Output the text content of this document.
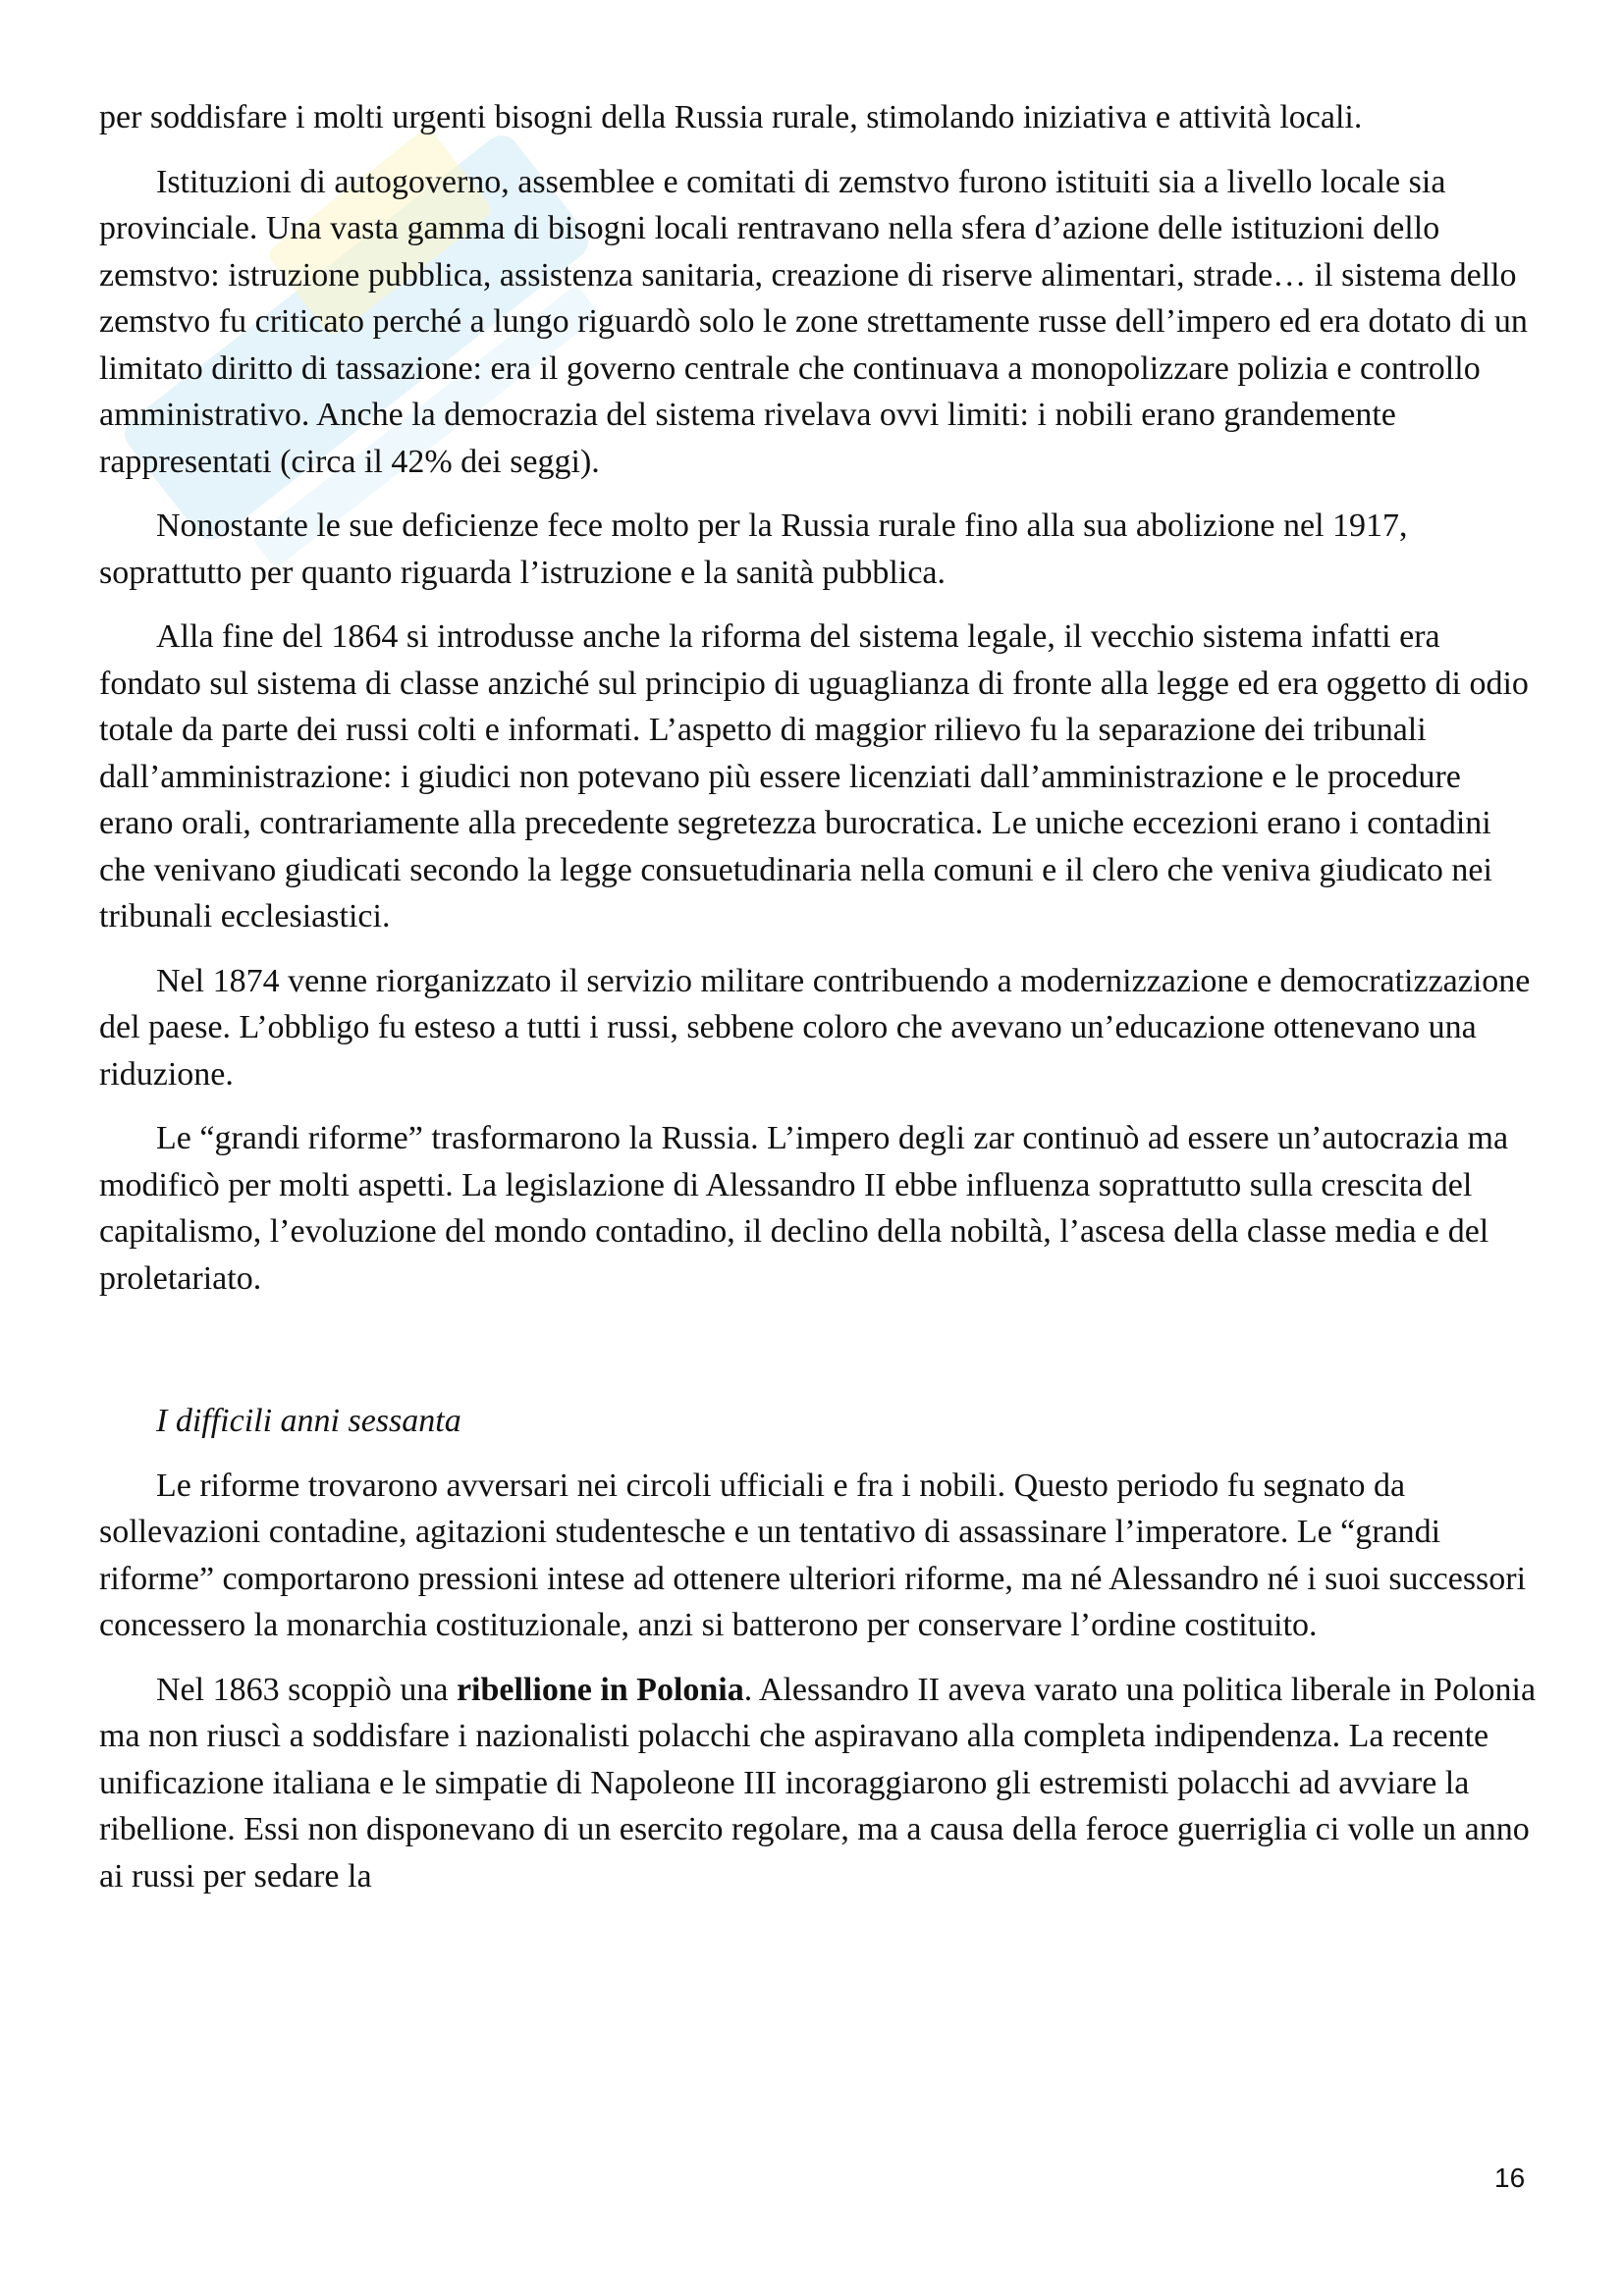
per soddisfare i molti urgenti bisogni della Russia rurale, stimolando iniziativa e attività locali.

Istituzioni di autogoverno, assemblee e comitati di zemstvo furono istituiti sia a livello locale sia provinciale. Una vasta gamma di bisogni locali rentravano nella sfera d’azione delle istituzioni dello zemstvo: istruzione pubblica, assistenza sanitaria, creazione di riserve alimentari, strade… il sistema dello zemstvo fu criticato perché a lungo riguardò solo le zone strettamente russe dell’impero ed era dotato di un limitato diritto di tassazione: era il governo centrale che continuava a monopolizzare polizia e controllo amministrativo. Anche la democrazia del sistema rivelava ovvi limiti: i nobili erano grandemente rappresentati (circa il 42% dei seggi).

Nonostante le sue deficienze fece molto per la Russia rurale fino alla sua abolizione nel 1917, soprattutto per quanto riguarda l’istruzione e la sanità pubblica.

Alla fine del 1864 si introdusse anche la riforma del sistema legale, il vecchio sistema infatti era fondato sul sistema di classe anziché sul principio di uguaglianza di fronte alla legge ed era oggetto di odio totale da parte dei russi colti e informati. L’aspetto di maggior rilievo fu la separazione dei tribunali dall’amministrazione: i giudici non potevano più essere licenziati dall’amministrazione e le procedure erano orali, contrariamente alla precedente segretezza burocratica. Le uniche eccezioni erano i contadini che venivano giudicati secondo la legge consuetudinaria nella comuni e il clero che veniva giudicato nei tribunali ecclesiastici.

Nel 1874 venne riorganizzato il servizio militare contribuendo a modernizzazione e democratizzazione del paese. L’obbligo fu esteso a tutti i russi, sebbene coloro che avevano un’educazione ottenevano una riduzione.

Le “grandi riforme” trasformarono la Russia. L’impero degli zar continuò ad essere un’autocrazia ma modificò per molti aspetti. La legislazione di Alessandro II ebbe influenza soprattutto sulla crescita del capitalismo, l’evoluzione del mondo contadino, il declino della nobiltà, l’ascesa della classe media e del proletariato.

I difficili anni sessanta

Le riforme trovarono avversari nei circoli ufficiali e fra i nobili. Questo periodo fu segnato da sollevazioni contadine, agitazioni studentesche e un tentativo di assassinare l’imperatore. Le “grandi riforme” comportarono pressioni intese ad ottenere ulteriori riforme, ma né Alessandro né i suoi successori concessero la monarchia costituzionale, anzi si batterono per conservare l’ordine costituito.

Nel 1863 scoppiò una ribellione in Polonia. Alessandro II aveva varato una politica liberale in Polonia ma non riuscì a soddisfare i nazionalisti polacchi che aspiravano alla completa indipendenza. La recente unificazione italiana e le simpatie di Napoleone III incoraggiarono gli estremisti polacchi ad avviare la ribellione. Essi non disponevano di un esercito regolare, ma a causa della feroce guerriglia ci volle un anno ai russi per sedare la

16
